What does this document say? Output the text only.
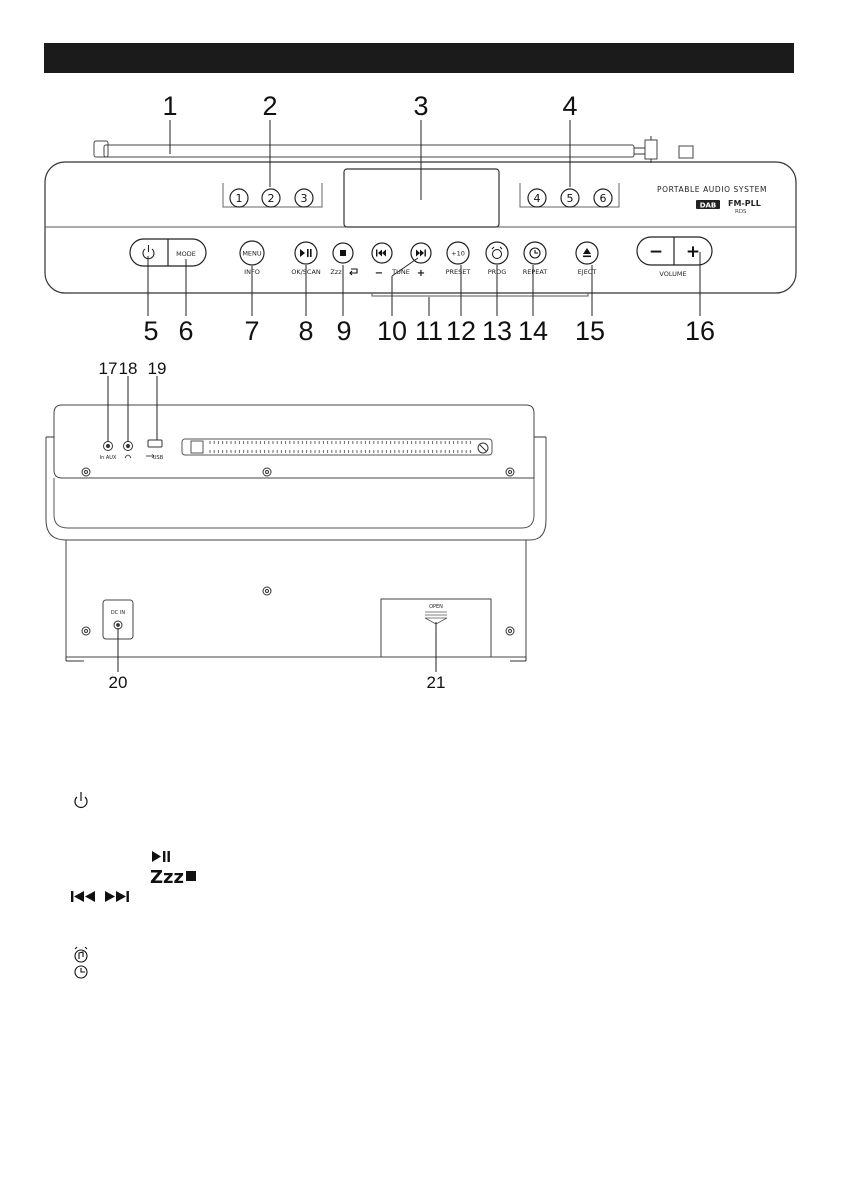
1 2 3	4 5 6
PORTABLE AUDIO SYSTEM
DAB FM-PLL
RDS
MODE	MENU
INFO	OK/SCAN Zzz	TUNE
+10
PRESET	PROG	REPEAT	EJECT	VOLUME
−	+
− +
1	2	3	4
5 6 7 8 9 10 11 12 13 14 15	16
In AUX	USB
DC IN
OPEN
17 18 19
20	21
Zzz
